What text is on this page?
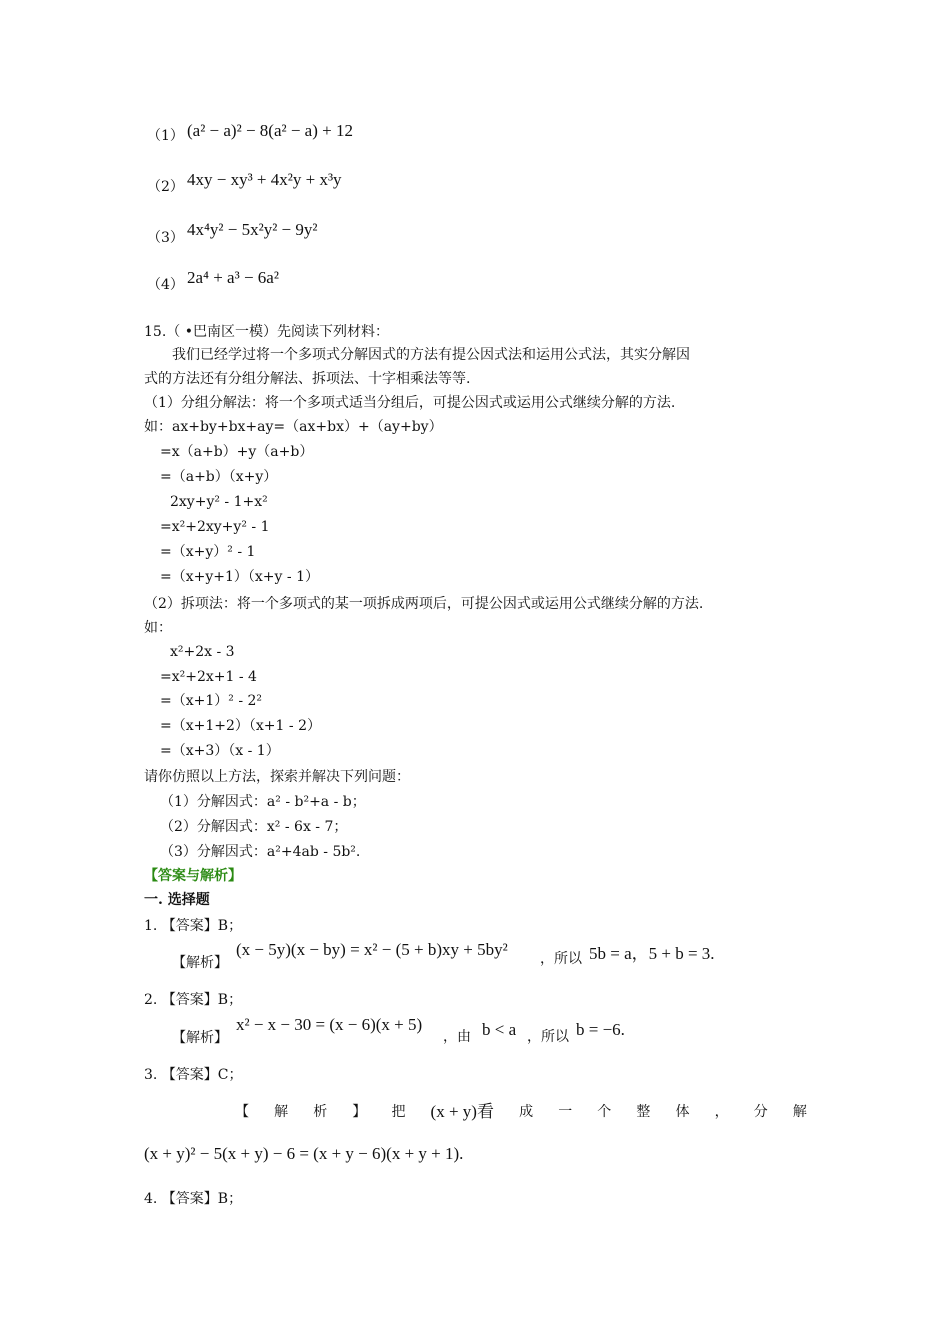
（1） (a² − a)² − 8(a² − a) + 12
（2） 4xy − xy³ + 4x²y + x³y
（3） 4x⁴y² − 5x²y² − 9y²
（4） 2a⁴ + a³ − 6a²
15.（ •巴南区一模）先阅读下列材料：
我们已经学过将一个多项式分解因式的方法有提公因式法和运用公式法，其实分解因
式的方法还有分组分解法、拆项法、十字相乘法等等.
（1）分组分解法：将一个多项式适当分组后，可提公因式或运用公式继续分解的方法.
如：ax+by+bx+ay=（ax+bx）+（ay+by）
=x（a+b）+y（a+b）
=（a+b）（x+y）
2xy+y² - 1+x²
=x²+2xy+y² - 1
=（x+y）² - 1
=（x+y+1）（x+y - 1）
（2）拆项法：将一个多项式的某一项拆成两项后，可提公因式或运用公式继续分解的方法.
如：
x²+2x - 3
=x²+2x+1 - 4
=（x+1）² - 2²
=（x+1+2）（x+1 - 2）
=（x+3）（x - 1）
请你仿照以上方法，探索并解决下列问题：
（1）分解因式：a² - b²+a - b；
（2）分解因式：x² - 6x - 7；
（3）分解因式：a²+4ab - 5b².
【答案与解析】
一. 选择题
1. 【答案】B；
【解析】
(x − 5y)(x − by) = x² − (5 + b)xy + 5by² ，所以 5b = a，5 + b = 3.
2. 【答案】B；
【解析】
x² − x − 30 = (x − 6)(x + 5)
，由 b < a ，所以 b = −6.
3. 【答案】C；
【 解 析 】 把 (x + y)看 成 一 个 整 体 ， 分 解
(x + y)² − 5(x + y) − 6 = (x + y − 6)(x + y + 1).
4. 【答案】B；
